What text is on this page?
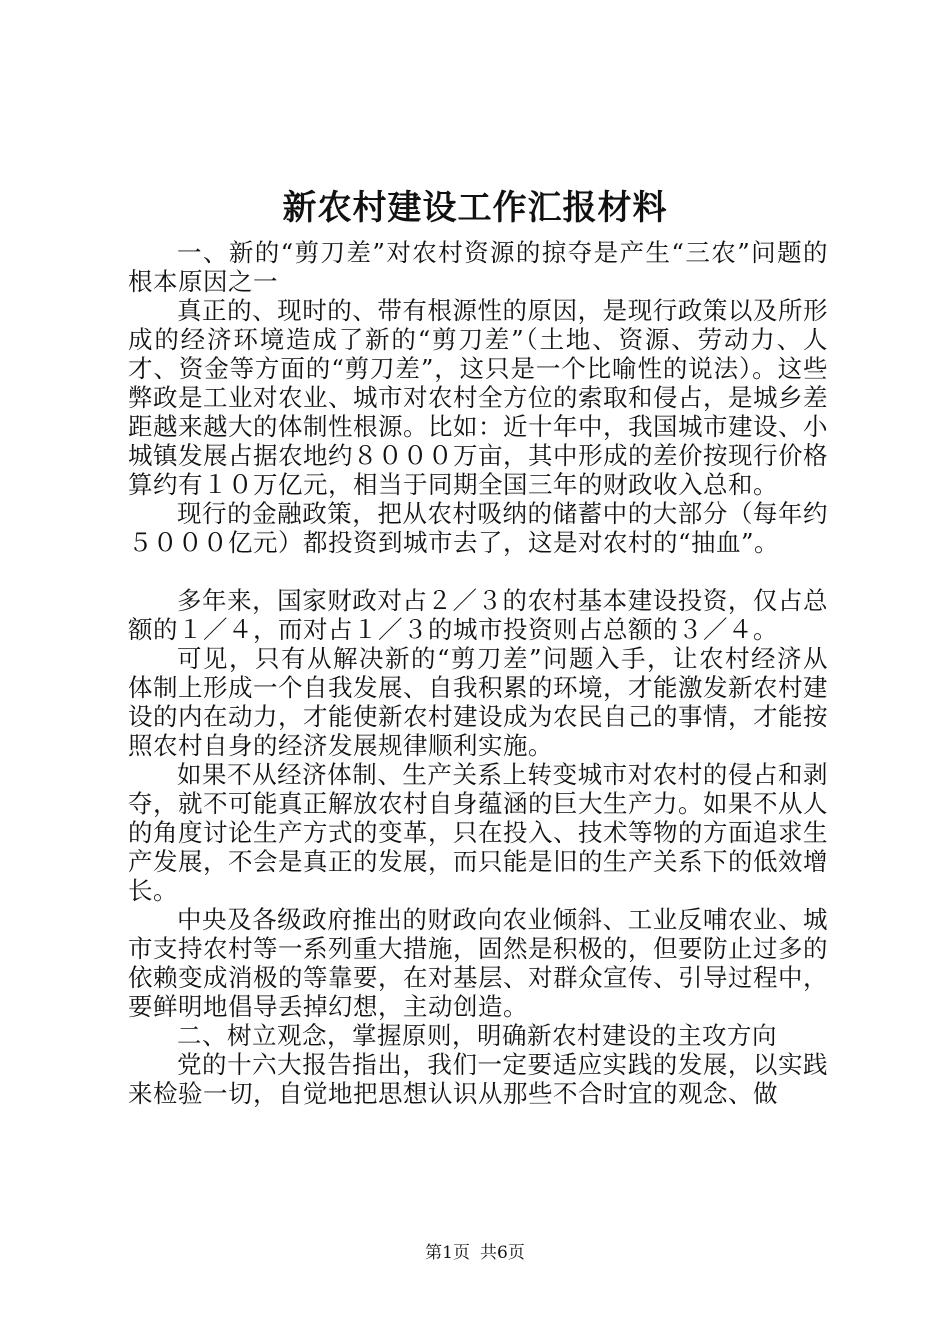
新农村建设工作汇报材料

一、新的“剪刀差”对农村资源的掠夺是产生“三农”问题的根本原因之一

真正的、现时的、带有根源性的原因，是现行政策以及所形成的经济环境造成了新的“剪刀差”（土地、资源、劳动力、人才、资金等方面的“剪刀差”，这只是一个比喻性的说法）。这些弊政是工业对农业、城市对农村全方位的索取和侵占，是城乡差距越来越大的体制性根源。比如：近十年中，我国城市建设、小城镇发展占据农地约８０００万亩，其中形成的差价按现行价格算约有１０万亿元，相当于同期全国三年的财政收入总和。

现行的金融政策，把从农村吸纳的储蓄中的大部分（每年约５０００亿元）都投资到城市去了，这是对农村的“抽血”。

多年来，国家财政对占２／３的农村基本建设投资，仅占总额的１／４，而对占１／３的城市投资则占总额的３／４。

可见，只有从解决新的“剪刀差”问题入手，让农村经济从体制上形成一个自我发展、自我积累的环境，才能激发新农村建设的内在动力，才能使新农村建设成为农民自己的事情，才能按照农村自身的经济发展规律顺利实施。

如果不从经济体制、生产关系上转变城市对农村的侵占和剥夺，就不可能真正解放农村自身蕴涵的巨大生产力。如果不从人的角度讨论生产方式的变革，只在投入、技术等物的方面追求生产发展，不会是真正的发展，而只能是旧的生产关系下的低效增长。

中央及各级政府推出的财政向农业倾斜、工业反哺农业、城市支持农村等一系列重大措施，固然是积极的，但要防止过多的依赖变成消极的等靠要，在对基层、对群众宣传、引导过程中，要鲜明地倡导丢掉幻想，主动创造。

二、树立观念，掌握原则，明确新农村建设的主攻方向

党的十六大报告指出，我们一定要适应实践的发展，以实践来检验一切，自觉地把思想认识从那些不合时宜的观念、做

第1页 共6页
